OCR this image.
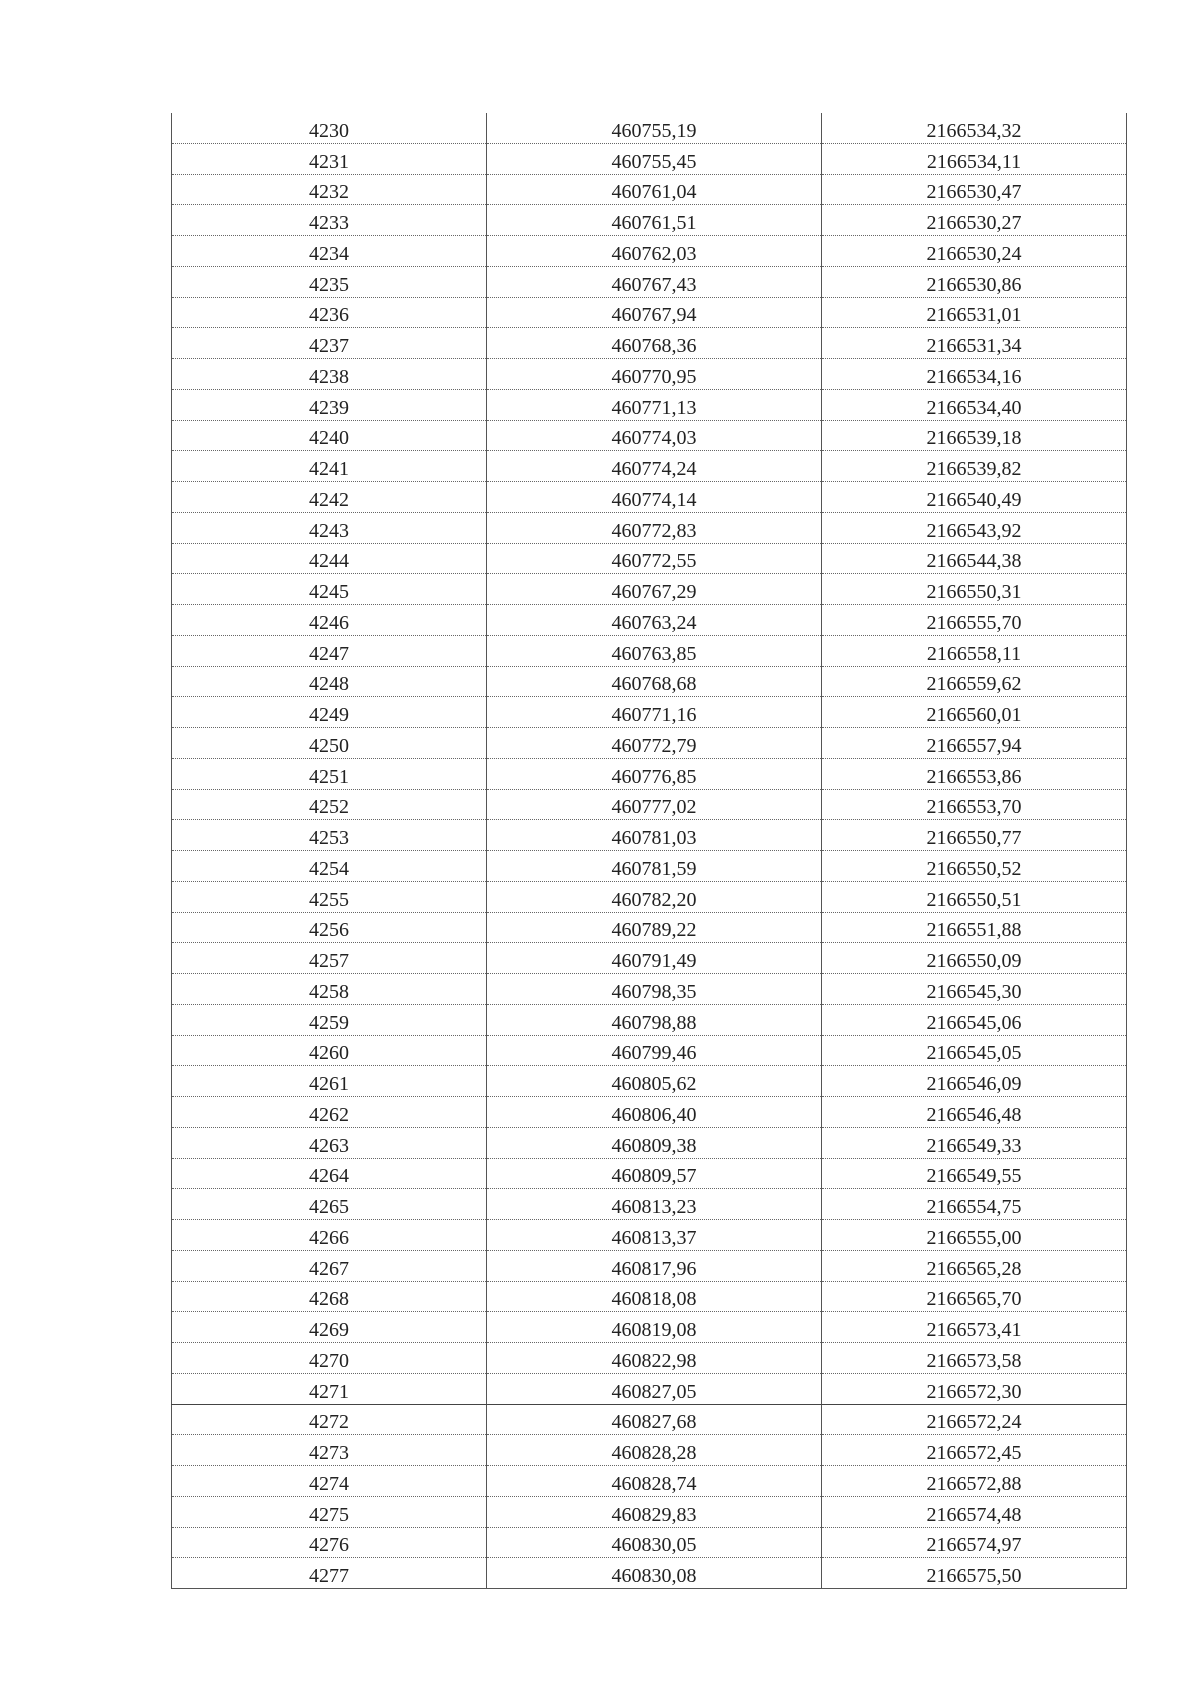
4230	460755,19	2166534,32
4231	460755,45	2166534,11
4232	460761,04	2166530,47
4233	460761,51	2166530,27
4234	460762,03	2166530,24
4235	460767,43	2166530,86
4236	460767,94	2166531,01
4237	460768,36	2166531,34
4238	460770,95	2166534,16
4239	460771,13	2166534,40
4240	460774,03	2166539,18
4241	460774,24	2166539,82
4242	460774,14	2166540,49
4243	460772,83	2166543,92
4244	460772,55	2166544,38
4245	460767,29	2166550,31
4246	460763,24	2166555,70
4247	460763,85	2166558,11
4248	460768,68	2166559,62
4249	460771,16	2166560,01
4250	460772,79	2166557,94
4251	460776,85	2166553,86
4252	460777,02	2166553,70
4253	460781,03	2166550,77
4254	460781,59	2166550,52
4255	460782,20	2166550,51
4256	460789,22	2166551,88
4257	460791,49	2166550,09
4258	460798,35	2166545,30
4259	460798,88	2166545,06
4260	460799,46	2166545,05
4261	460805,62	2166546,09
4262	460806,40	2166546,48
4263	460809,38	2166549,33
4264	460809,57	2166549,55
4265	460813,23	2166554,75
4266	460813,37	2166555,00
4267	460817,96	2166565,28
4268	460818,08	2166565,70
4269	460819,08	2166573,41
4270	460822,98	2166573,58
4271	460827,05	2166572,30
4272	460827,68	2166572,24
4273	460828,28	2166572,45
4274	460828,74	2166572,88
4275	460829,83	2166574,48
4276	460830,05	2166574,97
4277	460830,08	2166575,50
